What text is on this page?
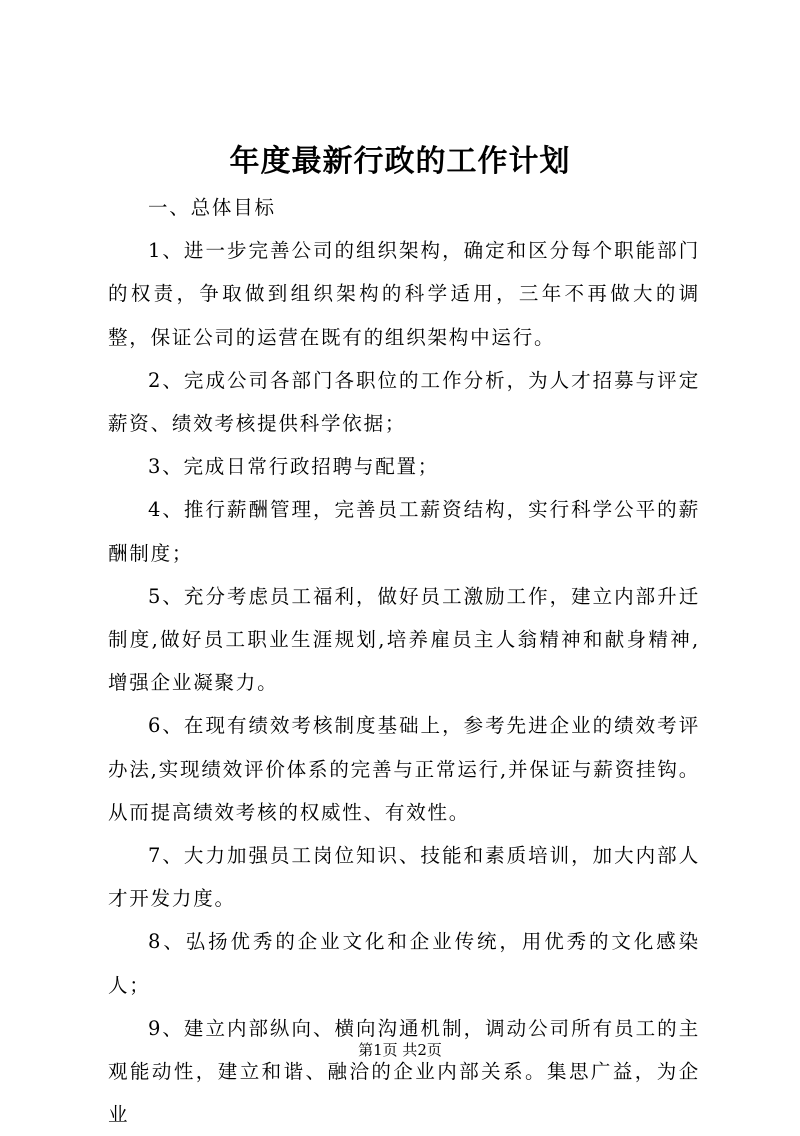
年度最新行政的工作计划

一、总体目标

1、进一步完善公司的组织架构，确定和区分每个职能部门的权责，争取做到组织架构的科学适用，三年不再做大的调整，保证公司的运营在既有的组织架构中运行。

2、完成公司各部门各职位的工作分析，为人才招募与评定薪资、绩效考核提供科学依据；

3、完成日常行政招聘与配置；

4、推行薪酬管理，完善员工薪资结构，实行科学公平的薪酬制度；

5、充分考虑员工福利，做好员工激励工作，建立内部升迁制度,做好员工职业生涯规划,培养雇员主人翁精神和献身精神,增强企业凝聚力。

6、在现有绩效考核制度基础上，参考先进企业的绩效考评办法,实现绩效评价体系的完善与正常运行,并保证与薪资挂钩。从而提高绩效考核的权威性、有效性。

7、大力加强员工岗位知识、技能和素质培训，加大内部人才开发力度。

8、弘扬优秀的企业文化和企业传统，用优秀的文化感染人；

9、建立内部纵向、横向沟通机制，调动公司所有员工的主观能动性，建立和谐、融洽的企业内部关系。集思广益，为企业

第1页 共2页
